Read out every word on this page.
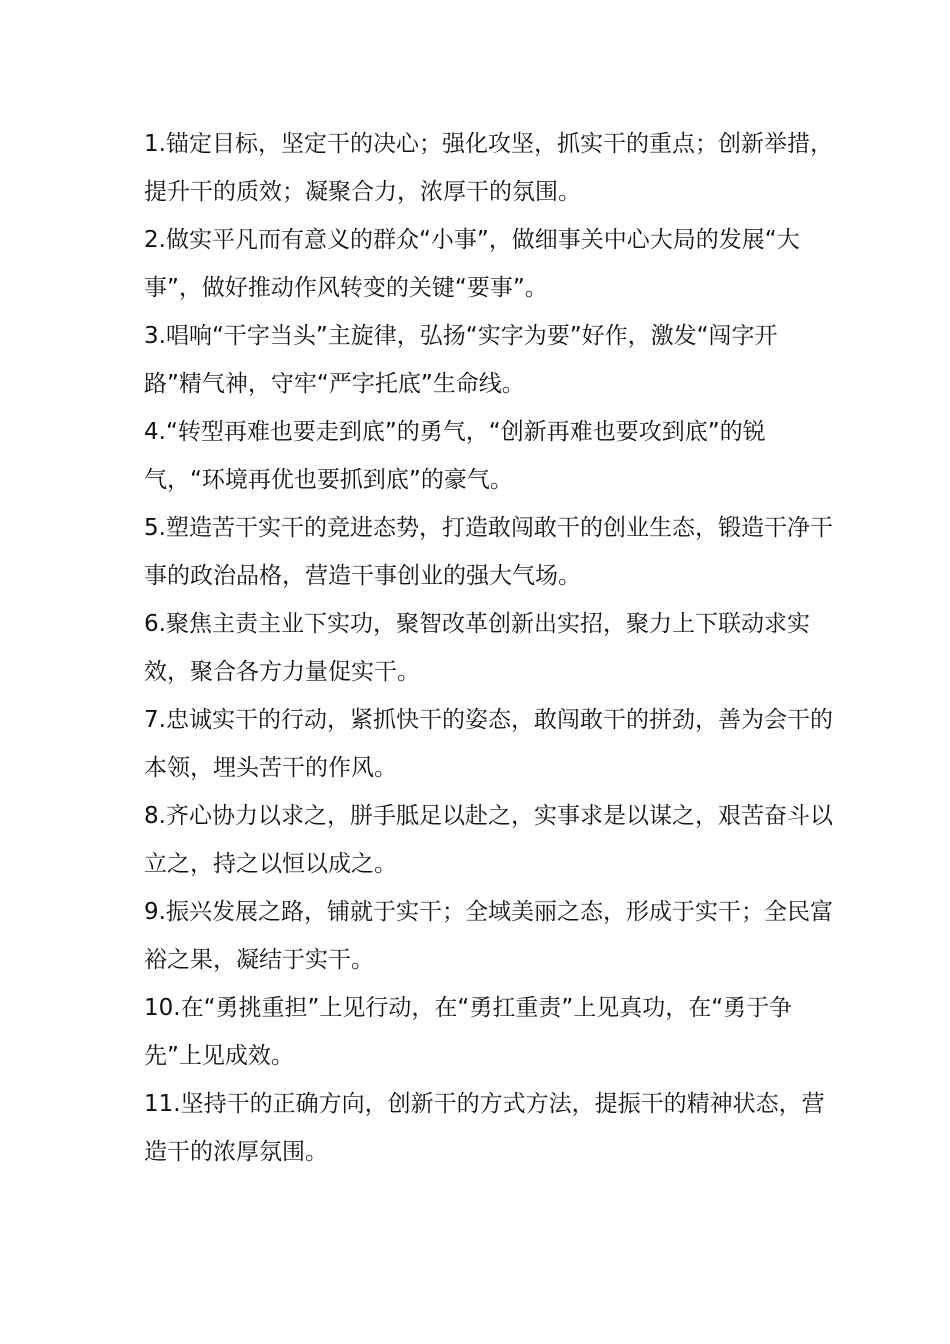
1.锚定目标，坚定干的决心；强化攻坚，抓实干的重点；创新举措，提升干的质效；凝聚合力，浓厚干的氛围。

2.做实平凡而有意义的群众“小事”，做细事关中心大局的发展“大事”，做好推动作风转变的关键“要事”。

3.唱响“干字当头”主旋律，弘扬“实字为要”好作，激发“闯字开路”精气神，守牢“严字托底”生命线。

4.“转型再难也要走到底”的勇气，“创新再难也要攻到底”的锐气，“环境再优也要抓到底”的豪气。

5.塑造苦干实干的竞进态势，打造敢闯敢干的创业生态，锻造干净干事的政治品格，营造干事创业的强大气场。

6.聚焦主责主业下实功，聚智改革创新出实招，聚力上下联动求实效，聚合各方力量促实干。

7.忠诚实干的行动，紧抓快干的姿态，敢闯敢干的拼劲，善为会干的本领，埋头苦干的作风。

8.齐心协力以求之，胼手胝足以赴之，实事求是以谋之，艰苦奋斗以立之，持之以恒以成之。

9.振兴发展之路，铺就于实干；全域美丽之态，形成于实干；全民富裕之果，凝结于实干。

10.在“勇挑重担”上见行动，在“勇扛重责”上见真功，在“勇于争先”上见成效。

11.坚持干的正确方向，创新干的方式方法，提振干的精神状态，营造干的浓厚氛围。
